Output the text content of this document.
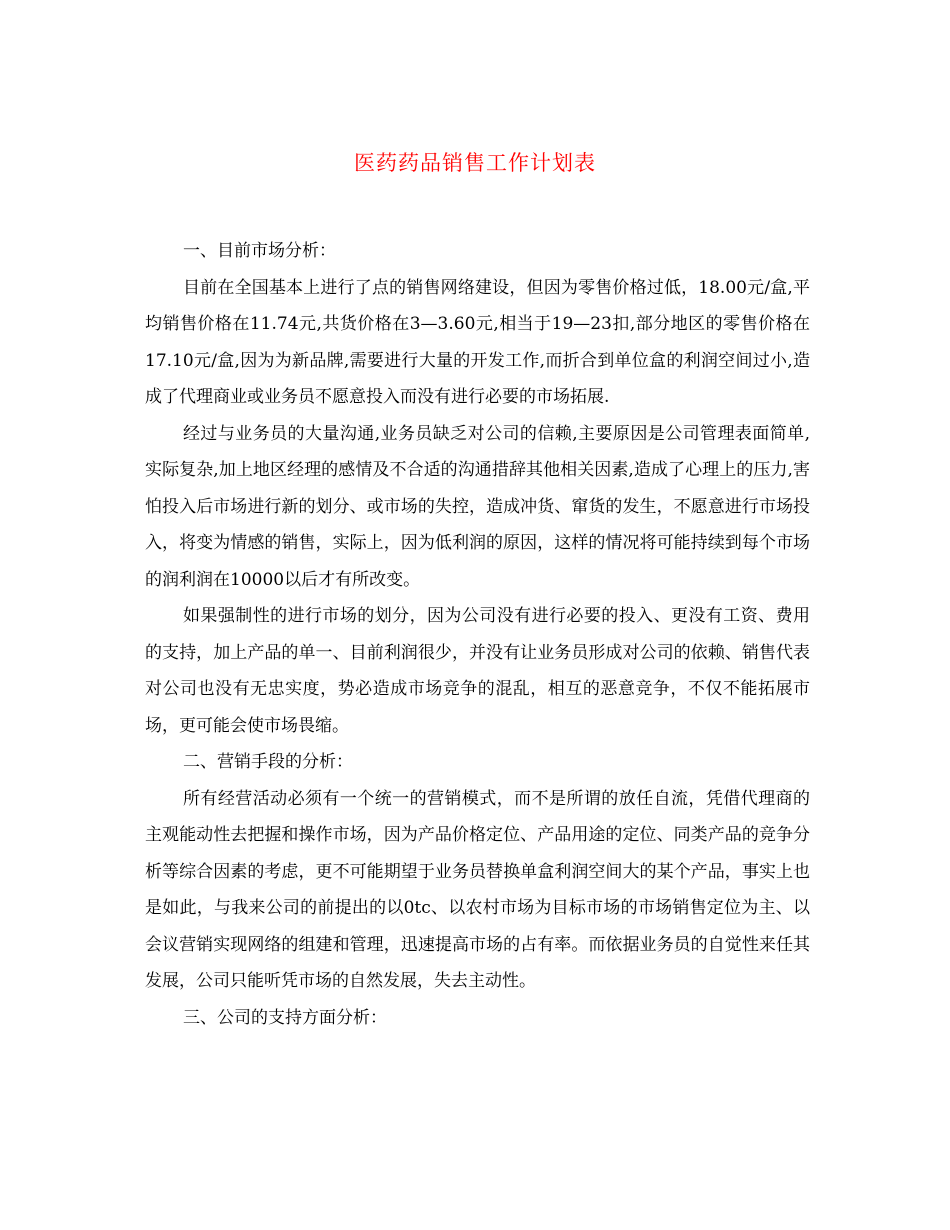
医药药品销售工作计划表

一、目前市场分析：

目前在全国基本上进行了点的销售网络建设，但因为零售价格过低，18.00元/盒,平均销售价格在11.74元,共货价格在3—3.60元,相当于19—23扣,部分地区的零售价格在17.10元/盒,因为为新品牌,需要进行大量的开发工作,而折合到单位盒的利润空间过小,造成了代理商业或业务员不愿意投入而没有进行必要的市场拓展.

经过与业务员的大量沟通,业务员缺乏对公司的信赖,主要原因是公司管理表面简单,实际复杂,加上地区经理的感情及不合适的沟通措辞其他相关因素,造成了心理上的压力,害怕投入后市场进行新的划分、或市场的失控，造成冲货、窜货的发生，不愿意进行市场投入，将变为情感的销售，实际上，因为低利润的原因，这样的情况将可能持续到每个市场的润利润在10000以后才有所改变。

如果强制性的进行市场的划分，因为公司没有进行必要的投入、更没有工资、费用的支持，加上产品的单一、目前利润很少，并没有让业务员形成对公司的依赖、销售代表对公司也没有无忠实度，势必造成市场竞争的混乱，相互的恶意竞争，不仅不能拓展市场，更可能会使市场畏缩。

二、营销手段的分析：

所有经营活动必须有一个统一的营销模式，而不是所谓的放任自流，凭借代理商的主观能动性去把握和操作市场，因为产品价格定位、产品用途的定位、同类产品的竞争分析等综合因素的考虑，更不可能期望于业务员替换单盒利润空间大的某个产品，事实上也是如此，与我来公司的前提出的以0tc、以农村市场为目标市场的市场销售定位为主、以会议营销实现网络的组建和管理，迅速提高市场的占有率。而依据业务员的自觉性来任其发展，公司只能听凭市场的自然发展，失去主动性。

三、公司的支持方面分析：
